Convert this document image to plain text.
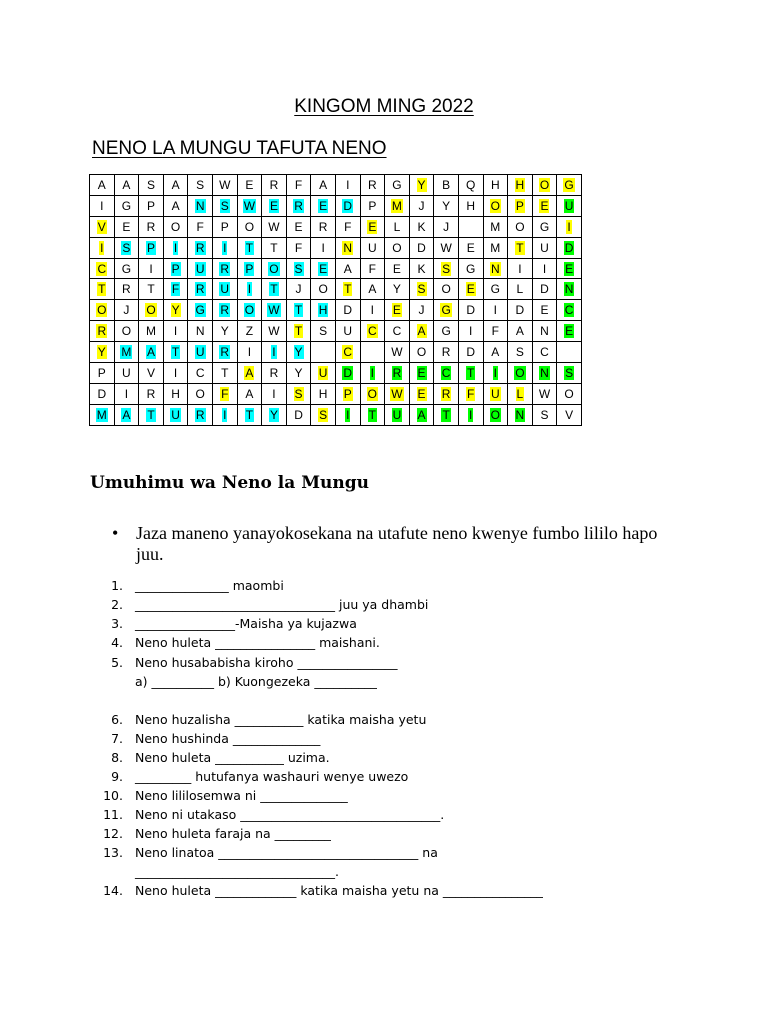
KINGOM MING 2022
NENO LA MUNGU TAFUTA NENO
A	A	S	A	S	W	E	R	F	A	I	R	G	Y	B	Q	H	H	O	G
I	G	P	A	N	S	W	E	R	E	D	P	M	J	Y	H	O	P	E	U
V	E	R	O	F	P	O	W	E	R	F	E	L	K	J		M	O	G	I
I	S	P	I	R	I	T	T	F	I	N	U	O	D	W	E	M	T	U	D
C	G	I	P	U	R	P	O	S	E	A	F	E	K	S	G	N	I	I	E
T	R	T	F	R	U	I	T	J	O	T	A	Y	S	O	E	G	L	D	N
O	J	O	Y	G	R	O	W	T	H	D	I	E	J	G	D	I	D	E	C
R	O	M	I	N	Y	Z	W	T	S	U	C	C	A	G	I	F	A	N	E
Y	M	A	T	U	R	I	I	Y		C		W	O	R	D	A	S	C	
P	U	V	I	C	T	A	R	Y	U	D	I	R	E	C	T	I	O	N	S
D	I	R	H	O	F	A	I	S	H	P	O	W	E	R	F	U	L	W	O
M	A	T	U	R	I	T	Y	D	S	I	T	U	A	T	I	O	N	S	V
Umuhimu wa Neno la Mungu
• Jaza maneno yanayokosekana na utafute neno kwenye fumbo lililo hapo juu.
1. _______________ maombi
2. ________________________________ juu ya dhambi
3. ________________-Maisha ya kujazwa
4. Neno huleta ________________ maishani.
5. Neno husababisha kiroho ________________
a) __________ b) Kuongezeka __________
6. Neno huzalisha ___________ katika maisha yetu
7. Neno hushinda ______________
8. Neno huleta ___________ uzima.
9. _________ hutufanya washauri wenye uwezo
10. Neno lililosemwa ni ______________
11. Neno ni utakaso ________________________________.
12. Neno huleta faraja na _________
13. Neno linatoa ________________________________ na
________________________________.
14. Neno huleta _____________ katika maisha yetu na ________________
